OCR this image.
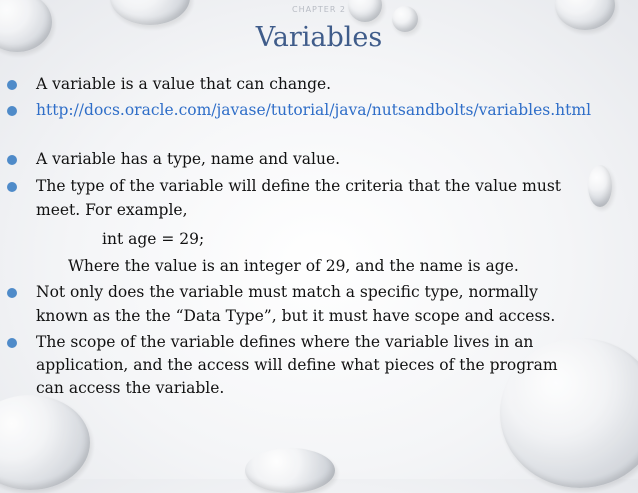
CHAPTER 2
Variables
A variable is a value that can change.
http://docs.oracle.com/javase/tutorial/java/nutsandbolts/variables.html
A variable has a type, name and value.
The type of the variable will define the criteria that the value must
meet. For example,
int age = 29;
Where the value is an integer of 29, and the name is age.
Not only does the variable must match a specific type, normally
known as the the “Data Type”, but it must have scope and access.
The scope of the variable defines where the variable lives in an
application, and the access will define what pieces of the program
can access the variable.
